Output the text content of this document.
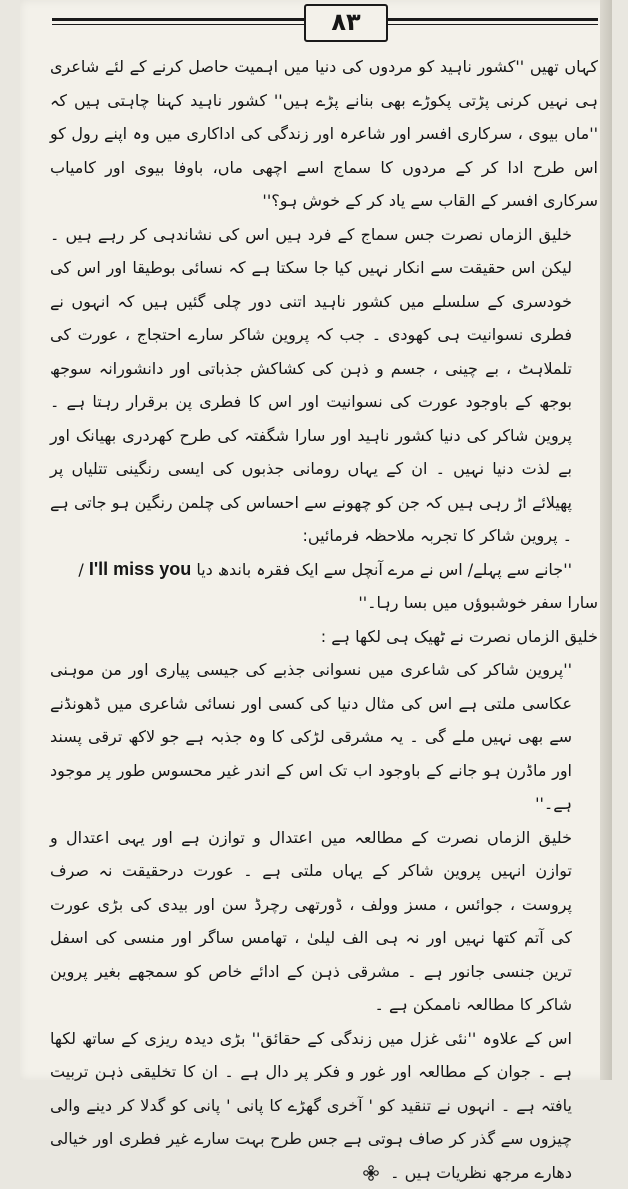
۸۳

کہاں تھیں ''کشور ناہید کو مردوں کی دنیا میں اہمیت حاصل کرنے کے لئے شاعری ہی نہیں کرنی پڑتی پکوڑے بھی بنانے پڑے ہیں'' کشور ناہید کہنا چاہتی ہیں کہ ''ماں بیوی ، سرکاری افسر اور شاعرہ اور زندگی کی اداکاری میں وہ اپنے رول کو اس طرح ادا کر کے مردوں کا سماج اسے اچھی ماں، باوفا بیوی اور کامیاب سرکاری افسر کے القاب سے یاد کر کے خوش ہو؟''

خلیق الزماں نصرت جس سماج کے فرد ہیں اس کی نشاندہی کر رہے ہیں ۔لیکن اس حقیقت سے انکار نہیں کیا جا سکتا ہے کہ نسائی بوطیقا اور اس کی خودسری کے سلسلے میں کشور ناہید اتنی دور چلی گئیں ہیں کہ انہوں نے فطری نسوانیت ہی کھودی ۔ جب کہ پروین شاکر سارے احتجاج ، عورت کی تلملاہٹ ، بے چینی ، جسم و ذہن کی کشاکش جذباتی اور دانشورانہ سوجھ بوجھ کے باوجود عورت کی نسوانیت اور اس کا فطری پن برقرار رہتا ہے ۔ پروین شاکر کی دنیا کشور ناہید اور سارا شگفتہ کی طرح کھردری بھیانک اور بے لذت دنیا نہیں ۔ ان کے یہاں رومانی جذبوں کی ایسی رنگینی تتلیاں پر پھیلائے اڑ رہی ہیں کہ جن کو چھونے سے احساس کی چلمن رنگین ہو جاتی ہے ۔ پروین شاکر کا تجربہ ملاحظہ فرمائیں:

''جانے سے پہلے/ اس نے مرے آنچل سے ایک فقرہ باندھ دیا I'll miss you /

سارا سفر خوشبوؤں میں بسا رہا۔''

خلیق الزماں نصرت نے ٹھیک ہی لکھا ہے :

''پروین شاکر کی شاعری میں نسوانی جذبے کی جیسی پیاری اور من موہنی عکاسی ملتی ہے اس کی مثال دنیا کی کسی اور نسائی شاعری میں ڈھونڈنے سے بھی نہیں ملے گی ۔ یہ مشرقی لڑکی کا وہ جذبہ ہے جو لاکھ ترقی پسند اور ماڈرن ہو جانے کے باوجود اب تک اس کے اندر غیر محسوس طور پر موجود ہے۔''

خلیق الزماں نصرت کے مطالعہ میں اعتدال و توازن ہے اور یہی اعتدال و توازن انہیں پروین شاکر کے یہاں ملتی ہے ۔ عورت درحقیقت نہ صرف پروست ، جوائس ، مسز وولف ، ڈورتھی رچرڈ سن اور بیدی کی بڑی عورت کی آتم کتھا نہیں اور نہ ہی الف لیلیٰ ، تھامس ساگر اور منسی کی اسفل ترین جنسی جانور ہے ۔ مشرقی ذہن کے ادائے خاص کو سمجھے بغیر پروین شاکر کا مطالعہ ناممکن ہے ۔

اس کے علاوہ ''نئی غزل میں زندگی کے حقائق'' بڑی دیدہ ریزی کے ساتھ لکھا ہے ۔ جوان کے مطالعہ اور غور و فکر پر دال ہے ۔ ان کا تخلیقی ذہن تربیت یافتہ ہے ۔ انہوں نے تنقید کو ' آخری گھڑے کا پانی ' پانی کو گدلا کر دینے والی چیزوں سے گذر کر صاف ہوتی ہے جس طرح بہت سارے غیر فطری اور خیالی دھارے مرجھ نظریات ہیں ۔
